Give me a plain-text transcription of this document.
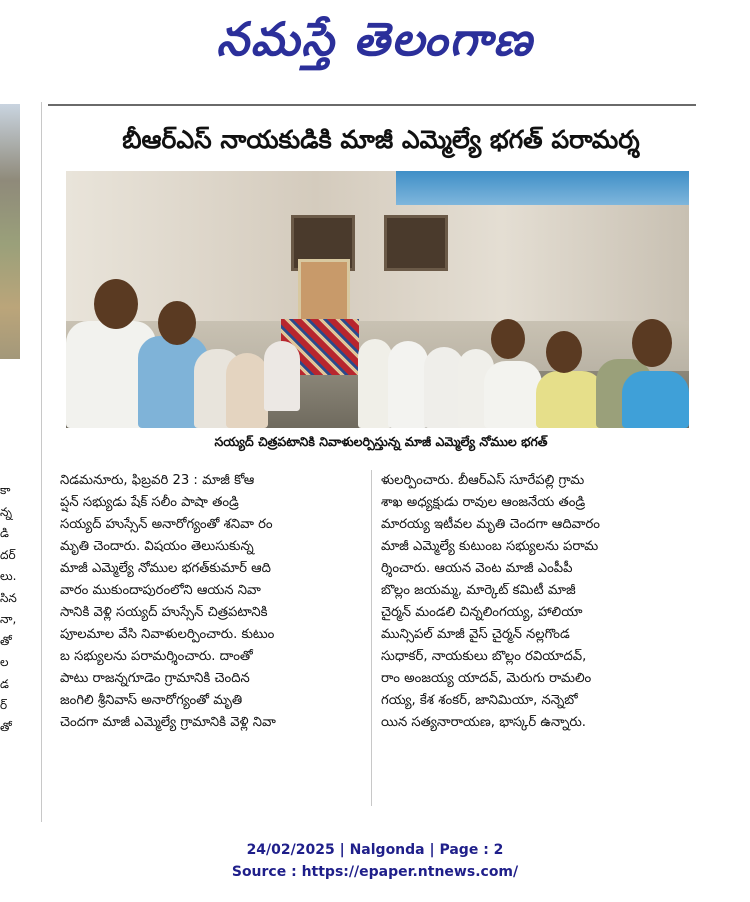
నమస్తే తెలంగాణ
కా
న్న
డి
దర్
లు.
సిన
నా,
తో
ల
డ
ర్
తో
బీఆర్‌ఎస్ నాయకుడికి మాజీ ఎమ్మెల్యే భగత్ పరామర్శ
సయ్యద్ చిత్రపటానికి నివాళులర్పిస్తున్న మాజీ ఎమ్మెల్యే నోముల భగత్
నిడమనూరు, ఫిబ్రవరి 23 : మాజీ కోఆ
ప్షన్ సభ్యుడు షేక్ సలీం పాషా తండ్రి
సయ్యద్ హుస్సేన్ అనారోగ్యంతో శనివా రం
మృతి చెందారు. విషయం తెలుసుకున్న
మాజీ ఎమ్మెల్యే నోముల భగత్‌కుమార్ ఆది
వారం ముకుందాపురంలోని ఆయన నివా
సానికి వెళ్లి సయ్యద్ హుస్సేన్ చిత్రపటానికి
పూలమాల వేసి నివాళులర్పించారు. కుటుం
బ సభ్యులను పరామర్శించారు. దాంతో
పాటు రాజన్నగూడెం గ్రామానికి చెందిన
జంగిలి శ్రీనివాస్ అనారోగ్యంతో మృతి
చెందగా మాజీ ఎమ్మెల్యే గ్రామానికి వెళ్లి నివా
ళులర్పించారు. బీఆర్‌ఎస్ సూరేపల్లి గ్రామ
శాఖ అధ్యక్షుడు రావుల ఆంజనేయ తండ్రి
మారయ్య ఇటీవల మృతి చెందగా ఆదివారం
మాజీ ఎమ్మెల్యే కుటుంబ సభ్యులను పరామ
ర్శించారు. ఆయన వెంట మాజీ ఎంపీపీ
బొల్లం జయమ్మ, మార్కెట్ కమిటీ మాజీ
చైర్మన్ మండలి చిన్నలింగయ్య, హాలియా
మున్సిపల్ మాజీ వైస్ చైర్మన్ నల్లగొండ
సుధాకర్, నాయకులు బొల్లం రవియాదవ్,
రాం అంజయ్య యాదవ్, మెరుగు రామలిం
గయ్య, కేశ శంకర్, జానిమియా, నన్నెబో
యిన సత్యనారాయణ, భాస్కర్ ఉన్నారు.
24/02/2025 | Nalgonda | Page : 2
Source : https://epaper.ntnews.com/
